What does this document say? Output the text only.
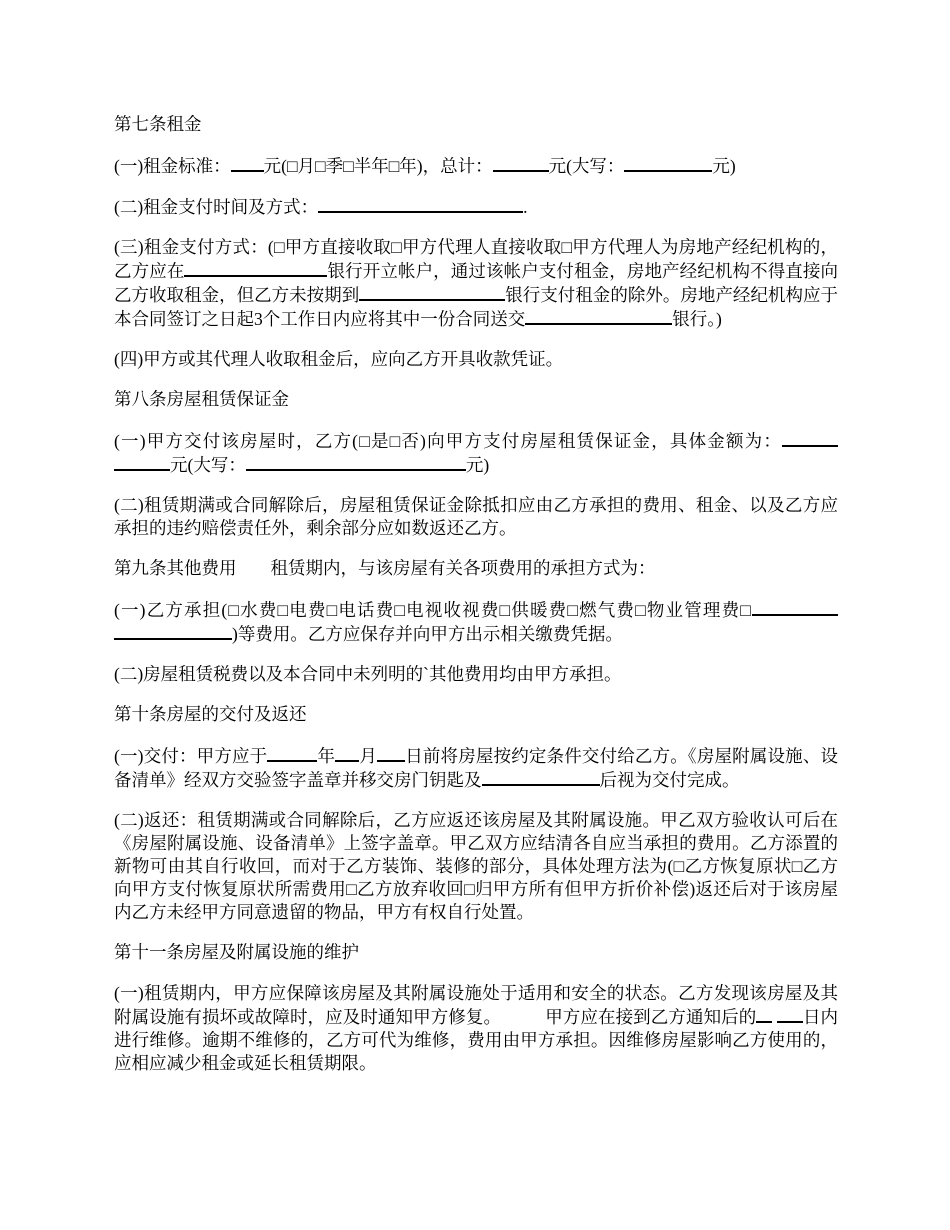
第七条租金

(一)租金标准： 元(□月□季□半年□年)，总计：	元(大写：	元)

(二)租金支付时间及方式：	.

(三)租金支付方式：(□甲方直接收取□甲方代理人直接收取□甲方代理人为房地产经纪机构的，乙方应在	银行开立帐户，通过该帐户支付租金，房地产经纪机构不得直接向乙方收取租金，但乙方未按期到	银行支付租金的除外。房地产经纪机构应于本合同签订之日起3个工作日内应将其中一份合同送交	银行。)

(四)甲方或其代理人收取租金后，应向乙方开具收款凭证。

第八条房屋租赁保证金

(一)甲方交付该房屋时，乙方(□是□否)向甲方支付房屋租赁保证金，具体金额为： 元(大写：	元)

(二)租赁期满或合同解除后，房屋租赁保证金除抵扣应由乙方承担的费用、租金、以及乙方应承担的违约赔偿责任外，剩余部分应如数返还乙方。

第九条其他费用 租赁期内，与该房屋有关各项费用的承担方式为：

(一)乙方承担(□水费□电费□电话费□电视收视费□供暖费□燃气费□物业管理费□ )等费用。乙方应保存并向甲方出示相关缴费凭据。

(二)房屋租赁税费以及本合同中未列明的`其他费用均由甲方承担。

第十条房屋的交付及返还

(一)交付：甲方应于	年 月 日前将房屋按约定条件交付给乙方。《房屋附属设施、设备清单》经双方交验签字盖章并移交房门钥匙及	后视为交付完成。

(二)返还：租赁期满或合同解除后，乙方应返还该房屋及其附属设施。甲乙双方验收认可后在《房屋附属设施、设备清单》上签字盖章。甲乙双方应结清各自应当承担的费用。乙方添置的新物可由其自行收回，而对于乙方装饰、装修的部分，具体处理方法为(□乙方恢复原状□乙方向甲方支付恢复原状所需费用□乙方放弃收回□归甲方所有但甲方折价补偿)返还后对于该房屋内乙方未经甲方同意遗留的物品，甲方有权自行处置。

第十一条房屋及附属设施的维护

(一)租赁期内，甲方应保障该房屋及其附属设施处于适用和安全的状态。乙方发现该房屋及其附属设施有损坏或故障时，应及时通知甲方修复。	甲方应在接到乙方通知后的	日内进行维修。逾期不维修的，乙方可代为维修，费用由甲方承担。因维修房屋影响乙方使用的，应相应减少租金或延长租赁期限。
